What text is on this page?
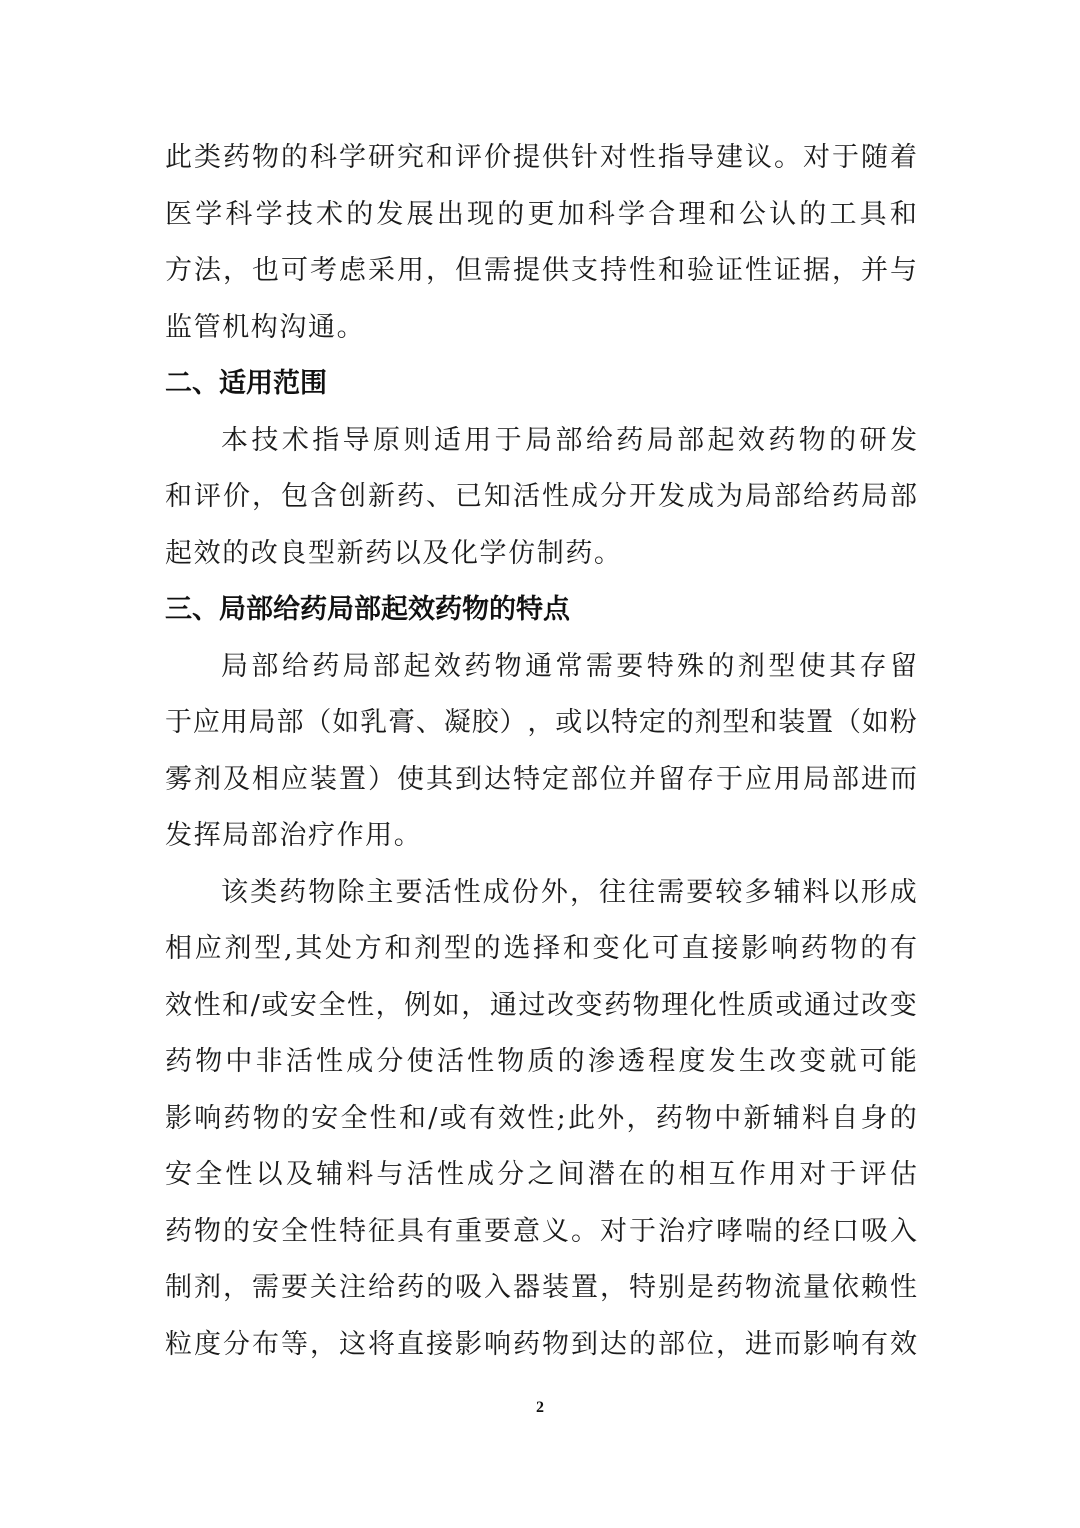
此 类 药 物 的 科 学 研 究 和 评 价 提 供 针 对 性 指 导 建 议 。 对 于 随 着
医 学 科 学 技 术 的 发 展 出 现 的 更 加 科 学 合 理 和 公 认 的 工 具 和
方 法 ， 也 可 考 虑 采 用 ， 但 需 提 供 支 持 性 和 验 证 性 证 据 ， 并 与
监 管 机 构 沟 通 。
二、适用范围
本 技 术 指 导 原 则 适 用 于 局 部 给 药 局 部 起 效 药 物 的 研 发
和 评 价 ， 包 含 创 新 药 、 已 知 活 性 成 分 开 发 成 为 局 部 给 药 局 部
起 效 的 改 良 型 新 药 以 及 化 学 仿 制 药 。
三、局部给药局部起效药物的特点
局 部 给 药 局 部 起 效 药 物 通 常 需 要 特 殊 的 剂 型 使 其 存 留
于 应 用 局 部 （ 如 乳 膏 、 凝 胶 ） ， 或 以 特 定 的 剂 型 和 装 置 （ 如 粉
雾 剂 及 相 应 装 置 ） 使 其 到 达 特 定 部 位 并 留 存 于 应 用 局 部 进 而
发 挥 局 部 治 疗 作 用 。
该 类 药 物 除 主 要 活 性 成 份 外 ， 往 往 需 要 较 多 辅 料 以 形 成
相 应 剂 型 , 其 处 方 和 剂 型 的 选 择 和 变 化 可 直 接 影 响 药 物 的 有
效 性 和 / 或 安 全 性 ， 例 如 ， 通 过 改 变 药 物 理 化 性 质 或 通 过 改 变
药 物 中 非 活 性 成 分 使 活 性 物 质 的 渗 透 程 度 发 生 改 变 就 可 能
影 响 药 物 的 安 全 性 和 / 或 有 效 性 ; 此 外 ， 药 物 中 新 辅 料 自 身 的
安 全 性 以 及 辅 料 与 活 性 成 分 之 间 潜 在 的 相 互 作 用 对 于 评 估
药 物 的 安 全 性 特 征 具 有 重 要 意 义 。 对 于 治 疗 哮 喘 的 经 口 吸 入
制 剂 ， 需 要 关 注 给 药 的 吸 入 器 装 置 ， 特 别 是 药 物 流 量 依 赖 性
粒 度 分 布 等 ， 这 将 直 接 影 响 药 物 到 达 的 部 位 ， 进 而 影 响 有 效
2
